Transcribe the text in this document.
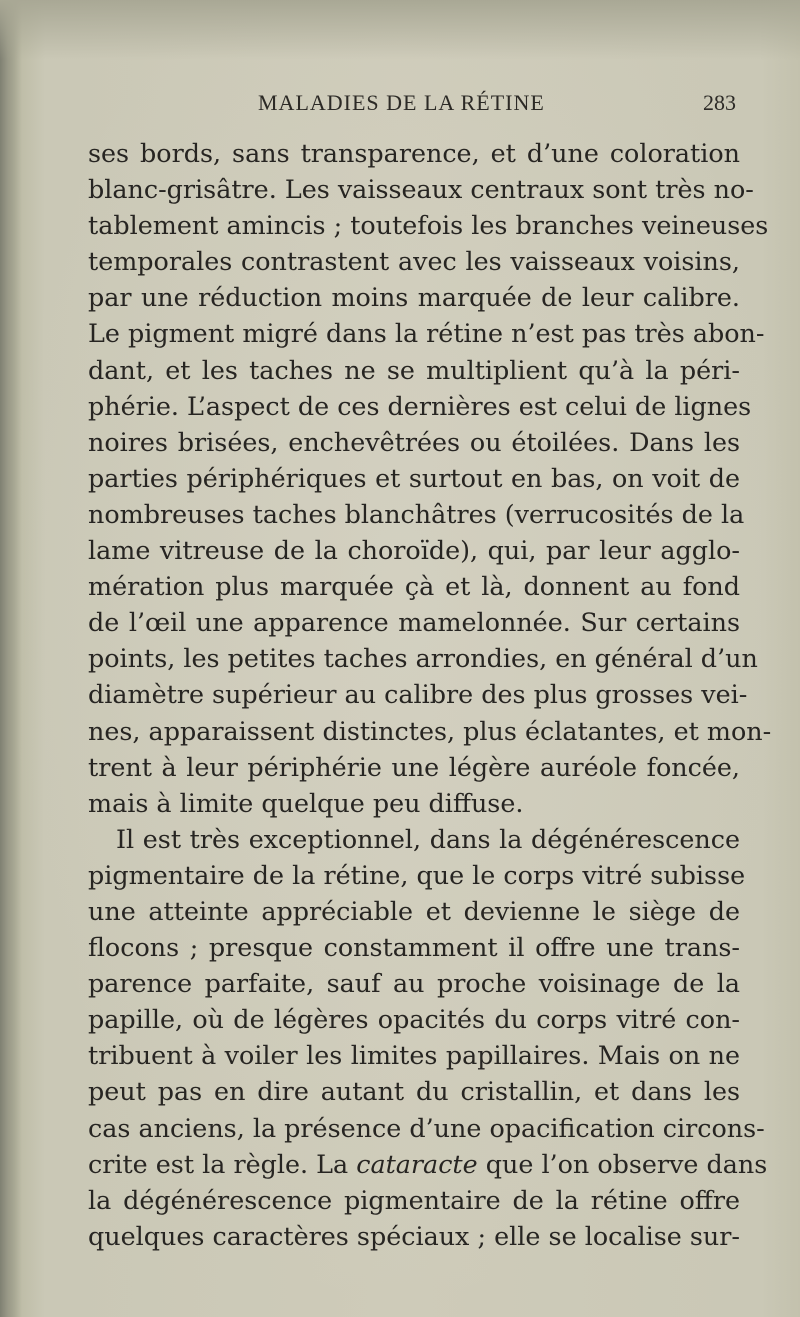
MALADIES DE LA RÉTINE	283
ses bords, sans transparence, et d’une coloration
blanc-grisâtre. Les vaisseaux centraux sont très no-
tablement amincis ; toutefois les branches veineuses
temporales contrastent avec les vaisseaux voisins,
par une réduction moins marquée de leur calibre.
Le pigment migré dans la rétine n’est pas très abon-
dant, et les taches ne se multiplient qu’à la péri-
phérie. L’aspect de ces dernières est celui de lignes
noires brisées, enchevêtrées ou étoilées. Dans les
parties périphériques et surtout en bas, on voit de
nombreuses taches blanchâtres (verrucosités de la
lame vitreuse de la choroïde), qui, par leur agglo-
mération plus marquée çà et là, donnent au fond
de l’œil une apparence mamelonnée. Sur certains
points, les petites taches arrondies, en général d’un
diamètre supérieur au calibre des plus grosses vei-
nes, apparaissent distinctes, plus éclatantes, et mon-
trent à leur périphérie une légère auréole foncée,
mais à limite quelque peu diffuse.
Il est très exceptionnel, dans la dégénérescence
pigmentaire de la rétine, que le corps vitré subisse
une atteinte appréciable et devienne le siège de
flocons ; presque constamment il offre une trans-
parence parfaite, sauf au proche voisinage de la
papille, où de légères opacités du corps vitré con-
tribuent à voiler les limites papillaires. Mais on ne
peut pas en dire autant du cristallin, et dans les
cas anciens, la présence d’une opacification circons-
crite est la règle. La cataracte que l’on observe dans
la dégénérescence pigmentaire de la rétine offre
quelques caractères spéciaux ; elle se localise sur-
